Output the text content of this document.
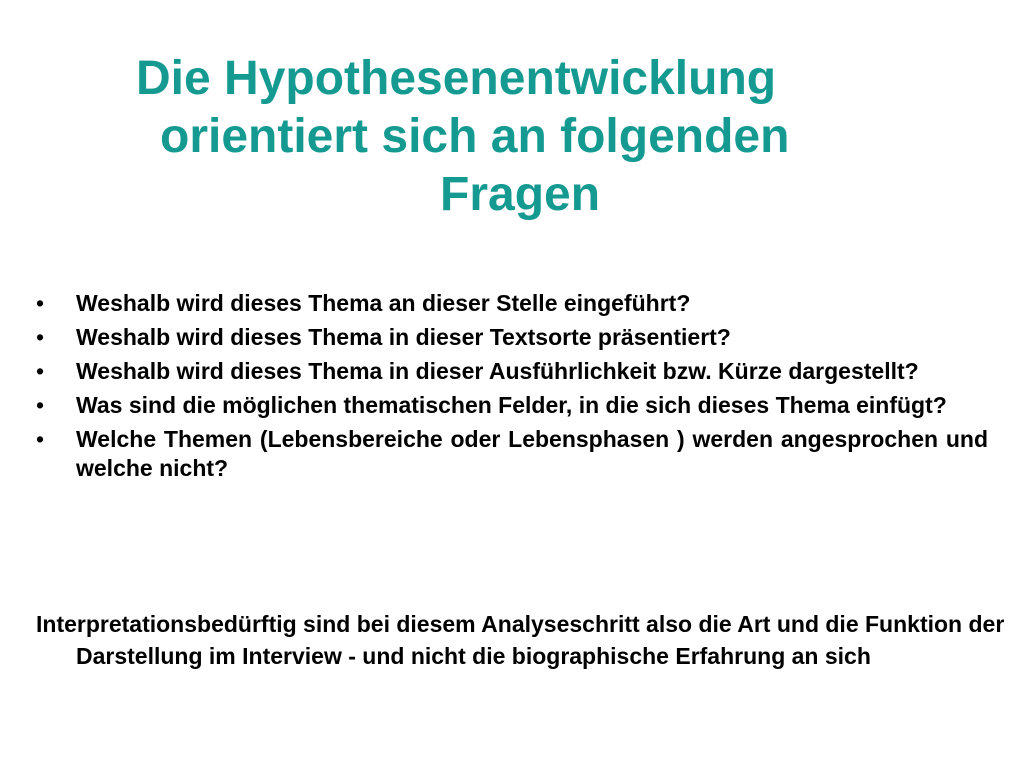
Die Hypothesenentwicklung
orientiert sich an folgenden
Fragen
•	Weshalb wird dieses Thema an dieser Stelle eingeführt?
•	Weshalb wird dieses Thema in dieser Textsorte präsentiert?
•	Weshalb wird dieses Thema in dieser Ausführlichkeit bzw. Kürze dargestellt?
•	Was sind die möglichen thematischen Felder, in die sich dieses Thema einfügt?
•	Welche Themen (Lebensbereiche oder Lebensphasen ) werden angesprochen und welche nicht?

Interpretationsbedürftig sind bei diesem Analyseschritt also die Art und die Funktion der Darstellung im Interview - und nicht die biographische Erfahrung an sich
